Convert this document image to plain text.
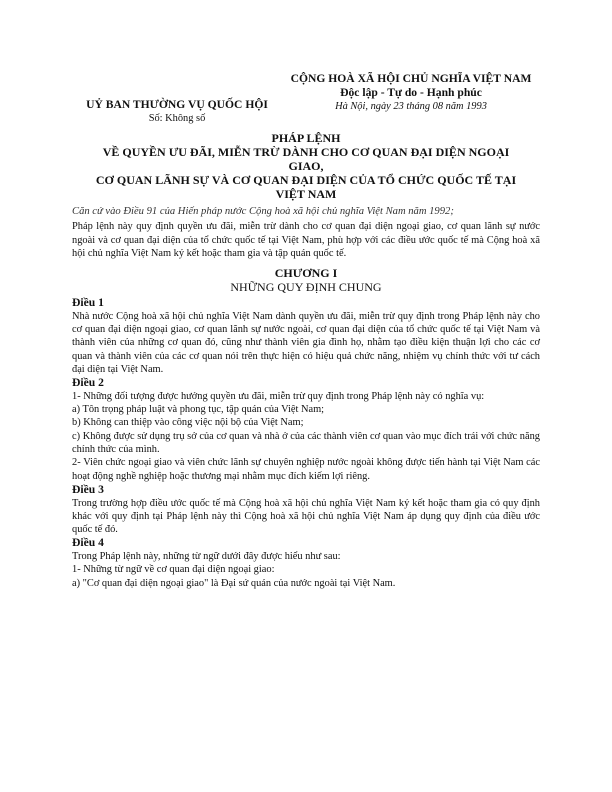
UỶ BAN THƯỜNG VỤ QUỐC HỘI
Số: Không số
CỘNG HOÀ XÃ HỘI CHỦ NGHĨA VIỆT NAM
Độc lập - Tự do - Hạnh phúc
Hà Nội, ngày 23 tháng 08 năm 1993
PHÁP LỆNH
VỀ QUYỀN ƯU ĐÃI, MIỄN TRỪ DÀNH CHO CƠ QUAN ĐẠI DIỆN NGOẠI GIAO,
CƠ QUAN LÃNH SỰ VÀ CƠ QUAN ĐẠI DIỆN CỦA TỔ CHỨC QUỐC TẾ TẠI VIỆT NAM
Căn cứ vào Điều 91 của Hiến pháp nước Cộng hoà xã hội chủ nghĩa Việt Nam năm 1992;
Pháp lệnh này quy định quyền ưu đãi, miễn trừ dành cho cơ quan đại diện ngoại giao, cơ quan lãnh sự nước ngoài và cơ quan đại diện của tổ chức quốc tế tại Việt Nam, phù hợp với các điều ước quốc tế mà Cộng hoà xã hội chủ nghĩa Việt Nam ký kết hoặc tham gia và tập quán quốc tế.
CHƯƠNG I
NHỮNG QUY ĐỊNH CHUNG
Điều 1
Nhà nước Cộng hoà xã hội chủ nghĩa Việt Nam dành quyền ưu đãi, miễn trừ quy định trong Pháp lệnh này cho cơ quan đại diện ngoại giao, cơ quan lãnh sự nước ngoài, cơ quan đại diện của tổ chức quốc tế tại Việt Nam và thành viên của những cơ quan đó, cũng như thành viên gia đình họ, nhằm tạo điều kiện thuận lợi cho các cơ quan và thành viên của các cơ quan nói trên thực hiện có hiệu quả chức năng, nhiệm vụ chính thức với tư cách đại diện tại Việt Nam.
Điều 2
1- Những đối tượng được hưởng quyền ưu đãi, miễn trừ quy định trong Pháp lệnh này có nghĩa vụ:
a) Tôn trọng pháp luật và phong tục, tập quán của Việt Nam;
b) Không can thiệp vào công việc nội bộ của Việt Nam;
c) Không được sử dụng trụ sở của cơ quan và nhà ở của các thành viên cơ quan vào mục đích trái với chức năng chính thức của mình.
2- Viên chức ngoại giao và viên chức lãnh sự chuyên nghiệp nước ngoài không được tiến hành tại Việt Nam các hoạt động nghề nghiệp hoặc thương mại nhằm mục đích kiếm lợi riêng.
Điều 3
Trong trường hợp điều ước quốc tế mà Cộng hoà xã hội chủ nghĩa Việt Nam ký kết hoặc tham gia có quy định khác với quy định tại Pháp lệnh này thì Cộng hoà xã hội chủ nghĩa Việt Nam áp dụng quy định của điều ước quốc tế đó.
Điều 4
Trong Pháp lệnh này, những từ ngữ dưới đây được hiểu như sau:
1- Những từ ngữ về cơ quan đại diện ngoại giao:
a) "Cơ quan đại diện ngoại giao" là Đại sứ quán của nước ngoài tại Việt Nam.
